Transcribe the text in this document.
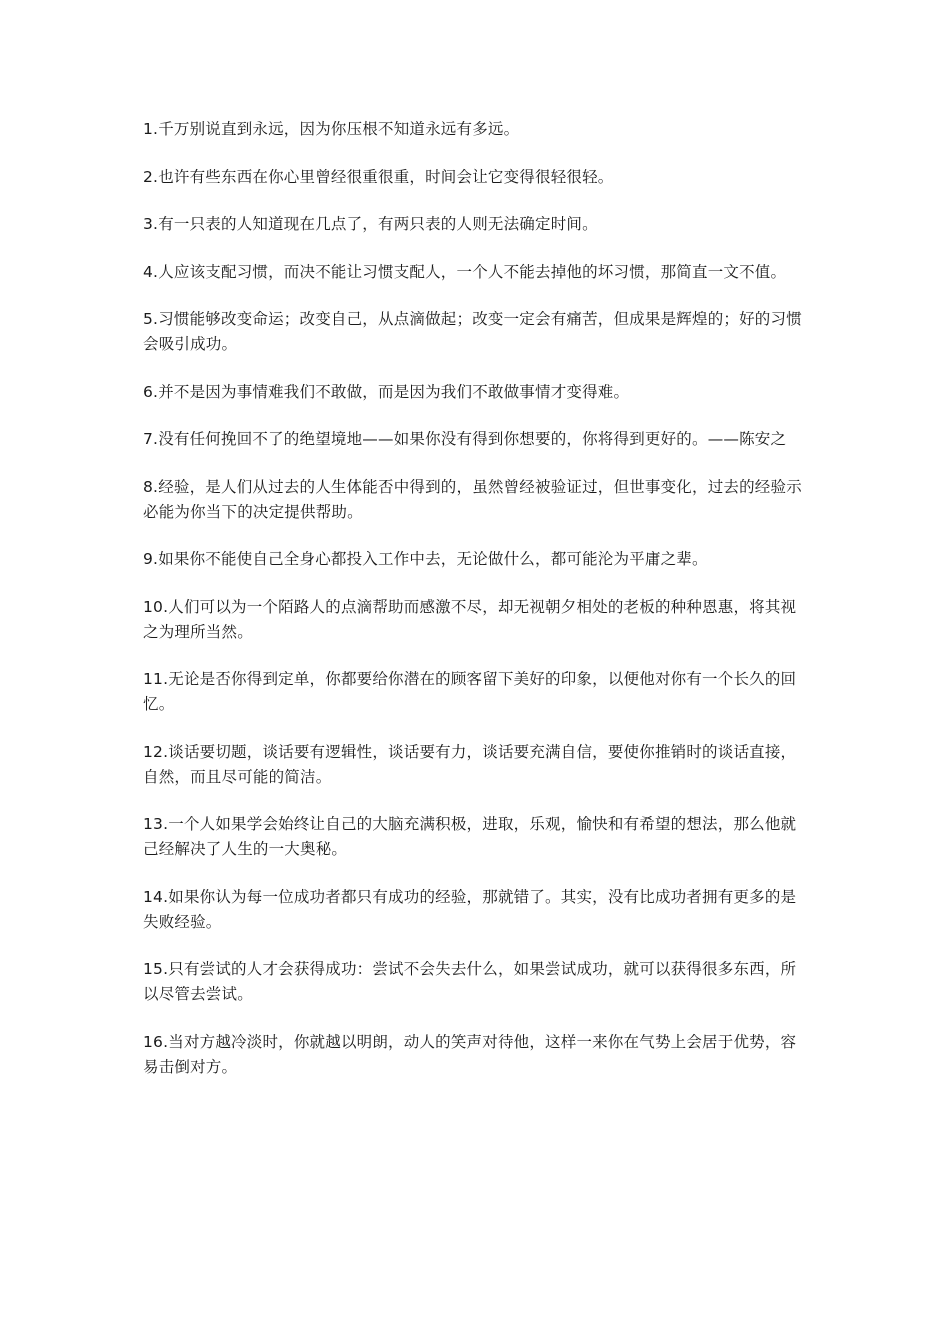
1.千万别说直到永远，因为你压根不知道永远有多远。

2.也许有些东西在你心里曾经很重很重，时间会让它变得很轻很轻。

3.有一只表的人知道现在几点了，有两只表的人则无法确定时间。

4.人应该支配习惯，而决不能让习惯支配人，一个人不能去掉他的坏习惯，那简直一文不值。

5.习惯能够改变命运；改变自己，从点滴做起；改变一定会有痛苦，但成果是辉煌的；好的习惯会吸引成功。

6.并不是因为事情难我们不敢做，而是因为我们不敢做事情才变得难。

7.没有任何挽回不了的绝望境地——如果你没有得到你想要的，你将得到更好的。——陈安之

8.经验，是人们从过去的人生体能否中得到的，虽然曾经被验证过，但世事变化，过去的经验示必能为你当下的决定提供帮助。

9.如果你不能使自己全身心都投入工作中去，无论做什么，都可能沦为平庸之辈。

10.人们可以为一个陌路人的点滴帮助而感激不尽，却无视朝夕相处的老板的种种恩惠，将其视之为理所当然。

11.无论是否你得到定单，你都要给你潜在的顾客留下美好的印象，以便他对你有一个长久的回忆。

12.谈话要切题，谈话要有逻辑性，谈话要有力，谈话要充满自信，要使你推销时的谈话直接，自然，而且尽可能的简洁。

13.一个人如果学会始终让自己的大脑充满积极，进取，乐观，愉快和有希望的想法，那么他就己经解决了人生的一大奥秘。

14.如果你认为每一位成功者都只有成功的经验，那就错了。其实，没有比成功者拥有更多的是失败经验。

15.只有尝试的人才会获得成功：尝试不会失去什么，如果尝试成功，就可以获得很多东西，所以尽管去尝试。

16.当对方越冷淡时，你就越以明朗，动人的笑声对待他，这样一来你在气势上会居于优势，容易击倒对方。
